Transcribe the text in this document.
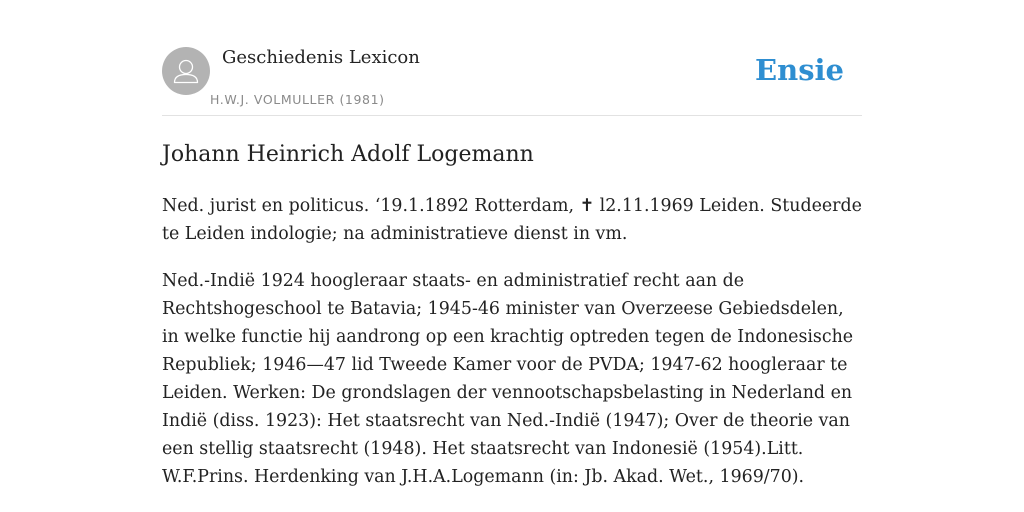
Geschiedenis Lexicon
H.W.J. VOLMULLER (1981)
Ensie
Johann Heinrich Adolf Logemann

Ned. jurist en politicus. ‘19.1.1892 Rotterdam, ✝ l2.11.1969 Leiden. Studeerde te Leiden indologie; na administratieve dienst in vm.

Ned.-Indië 1924 hoogleraar staats- en administratief recht aan de Rechtshogeschool te Batavia; 1945-46 minister van Overzeese Gebiedsdelen, in welke functie hij aandrong op een krachtig optreden tegen de Indonesische Republiek; 1946—47 lid Tweede Kamer voor de PVDA; 1947-62 hoogleraar te Leiden. Werken: De grondslagen der vennootschapsbelasting in Nederland en Indië (diss. 1923): Het staatsrecht van Ned.-Indië (1947); Over de theorie van een stellig staatsrecht (1948). Het staatsrecht van Indonesië (1954).Litt. W.F.Prins. Herdenking van J.H.A.Logemann (in: Jb. Akad. Wet., 1969/70).
